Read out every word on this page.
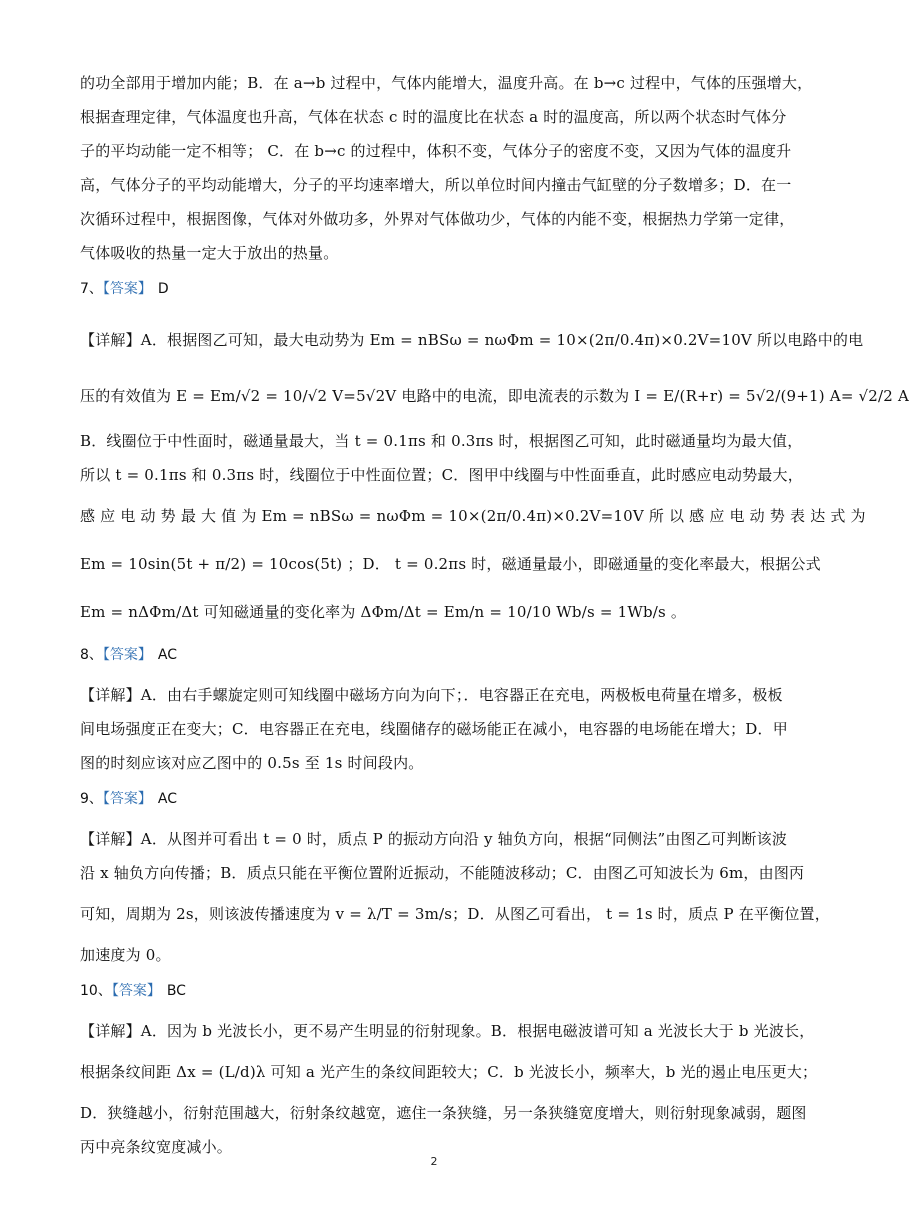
的功全部用于增加内能；B．在 a→b 过程中，气体内能增大，温度升高。在 b→c 过程中，气体的压强增大，
根据查理定律，气体温度也升高，气体在状态 c 时的温度比在状态 a 时的温度高，所以两个状态时气体分
子的平均动能一定不相等； C．在 b→c 的过程中，体积不变，气体分子的密度不变，又因为气体的温度升
高，气体分子的平均动能增大，分子的平均速率增大，所以单位时间内撞击气缸壁的分子数增多；D．在一
次循环过程中，根据图像，气体对外做功多，外界对气体做功少，气体的内能不变，根据热力学第一定律，
气体吸收的热量一定大于放出的热量。
7、【答案】 D
【详解】A．根据图乙可知，最大电动势为 Em = nBSω = nωΦm = 10×(2π/0.4π)×0.2V=10V 所以电路中的电
压的有效值为 E = Em/√2 = 10/√2 V=5√2V 电路中的电流，即电流表的示数为 I = E/(R+r) = 5√2/(9+1) A= √2/2 A
B．线圈位于中性面时，磁通量最大，当 t = 0.1πs 和 0.3πs 时，根据图乙可知，此时磁通量均为最大值，
所以 t = 0.1πs 和 0.3πs 时，线圈位于中性面位置；C．图甲中线圈与中性面垂直，此时感应电动势最大，
感 应 电 动 势 最 大 值 为 Em = nBSω = nωΦm = 10×(2π/0.4π)×0.2V=10V 所 以 感 应 电 动 势 表 达 式 为
Em = 10sin(5t + π/2) = 10cos(5t) ；D． t = 0.2πs 时，磁通量最小，即磁通量的变化率最大，根据公式
Em = nΔΦm/Δt 可知磁通量的变化率为 ΔΦm/Δt = Em/n = 10/10 Wb/s = 1Wb/s 。
8、【答案】 AC
【详解】A．由右手螺旋定则可知线圈中磁场方向为向下；．电容器正在充电，两极板电荷量在增多，极板
间电场强度正在变大；C．电容器正在充电，线圈储存的磁场能正在减小，电容器的电场能在增大；D．甲
图的时刻应该对应乙图中的 0.5s 至 1s 时间段内。
9、【答案】 AC
【详解】A．从图并可看出 t = 0 时，质点 P 的振动方向沿 y 轴负方向，根据“同侧法”由图乙可判断该波
沿 x 轴负方向传播；B．质点只能在平衡位置附近振动，不能随波移动；C．由图乙可知波长为 6m，由图丙
可知，周期为 2s，则该波传播速度为 v = λ/T = 3m/s；D．从图乙可看出， t = 1s 时，质点 P 在平衡位置，
加速度为 0。
10、【答案】 BC
【详解】A．因为 b 光波长小，更不易产生明显的衍射现象。B．根据电磁波谱可知 a 光波长大于 b 光波长，
根据条纹间距 Δx = (L/d)λ 可知 a 光产生的条纹间距较大；C．b 光波长小，频率大，b 光的遏止电压更大；
D．狭缝越小，衍射范围越大，衍射条纹越宽，遮住一条狭缝，另一条狭缝宽度增大，则衍射现象减弱，题图
丙中亮条纹宽度减小。
2
